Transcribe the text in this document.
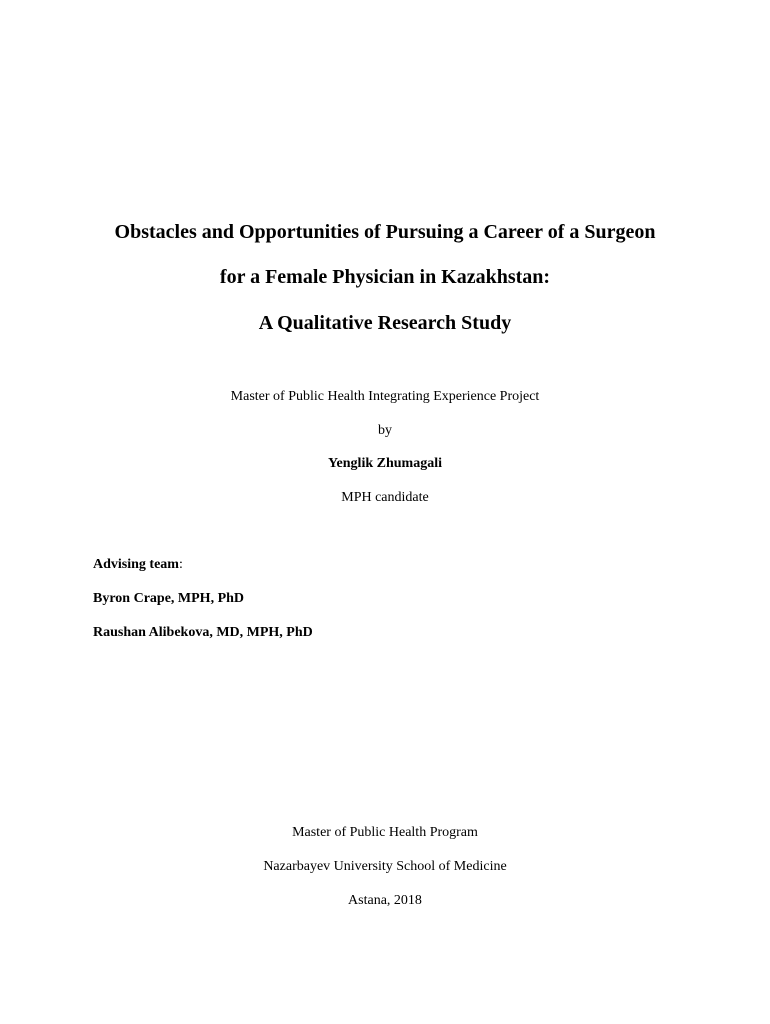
Obstacles and Opportunities of Pursuing a Career of a Surgeon
for a Female Physician in Kazakhstan:
A Qualitative Research Study
Master of Public Health Integrating Experience Project
by
Yenglik Zhumagali
MPH candidate
Advising team:
Byron Crape, MPH, PhD
Raushan Alibekova, MD, MPH, PhD
Master of Public Health Program
Nazarbayev University School of Medicine
Astana, 2018
